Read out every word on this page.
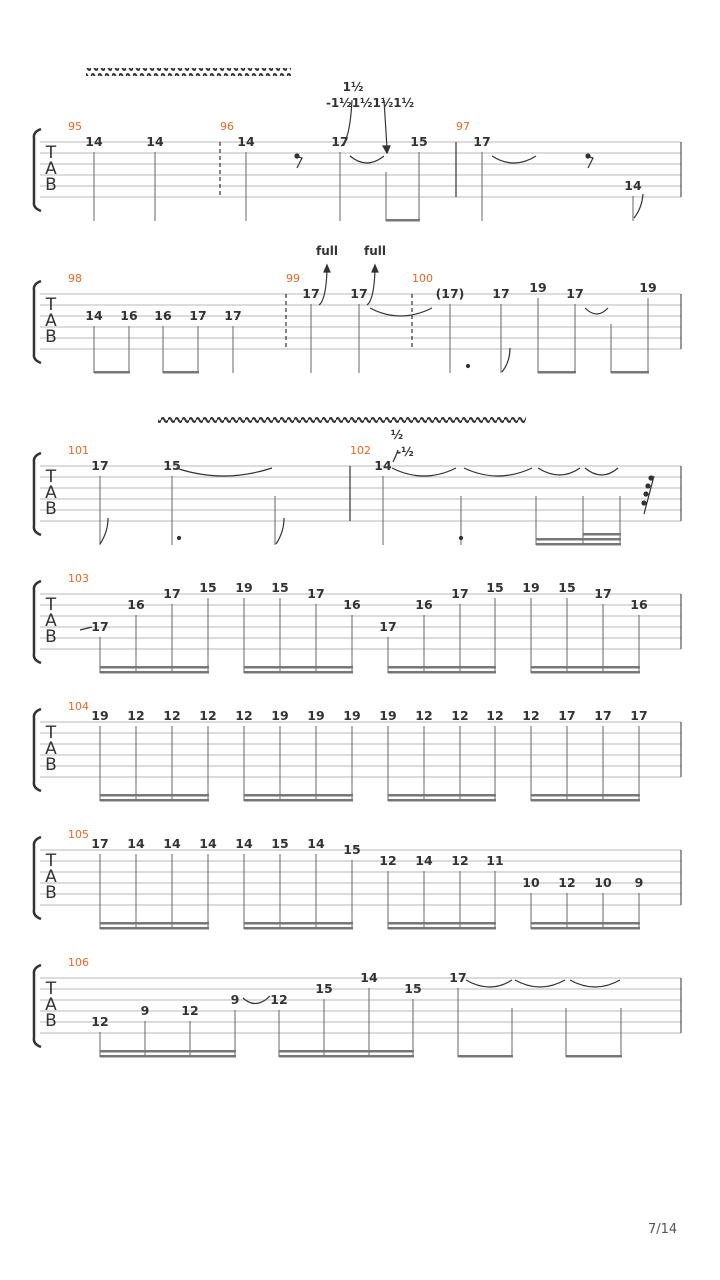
T
A
B
95	96	97
14	14	14	17	15	17
14
T
A
B
98	99	100
14 16 16 17 17
17 17	(17) 17 19 17	19
T
A
B
101	102
17	15	14
T
A
B
103
17
16
17 15 19 15 17
16
17
16
17 15 19 15 17
16
T
A
B
104
19 12 12 12 12 19 19 19 19 12 12 12 12 17 17 17
T
A
B
105
17 14 14 14 14 15 14 15
12 14 12 11
10 12 10 9
T
A
B
106
12
9	12
9 12
15
14
15
17
1½
-1½1½1½1½
full full
½
-½
7/14
